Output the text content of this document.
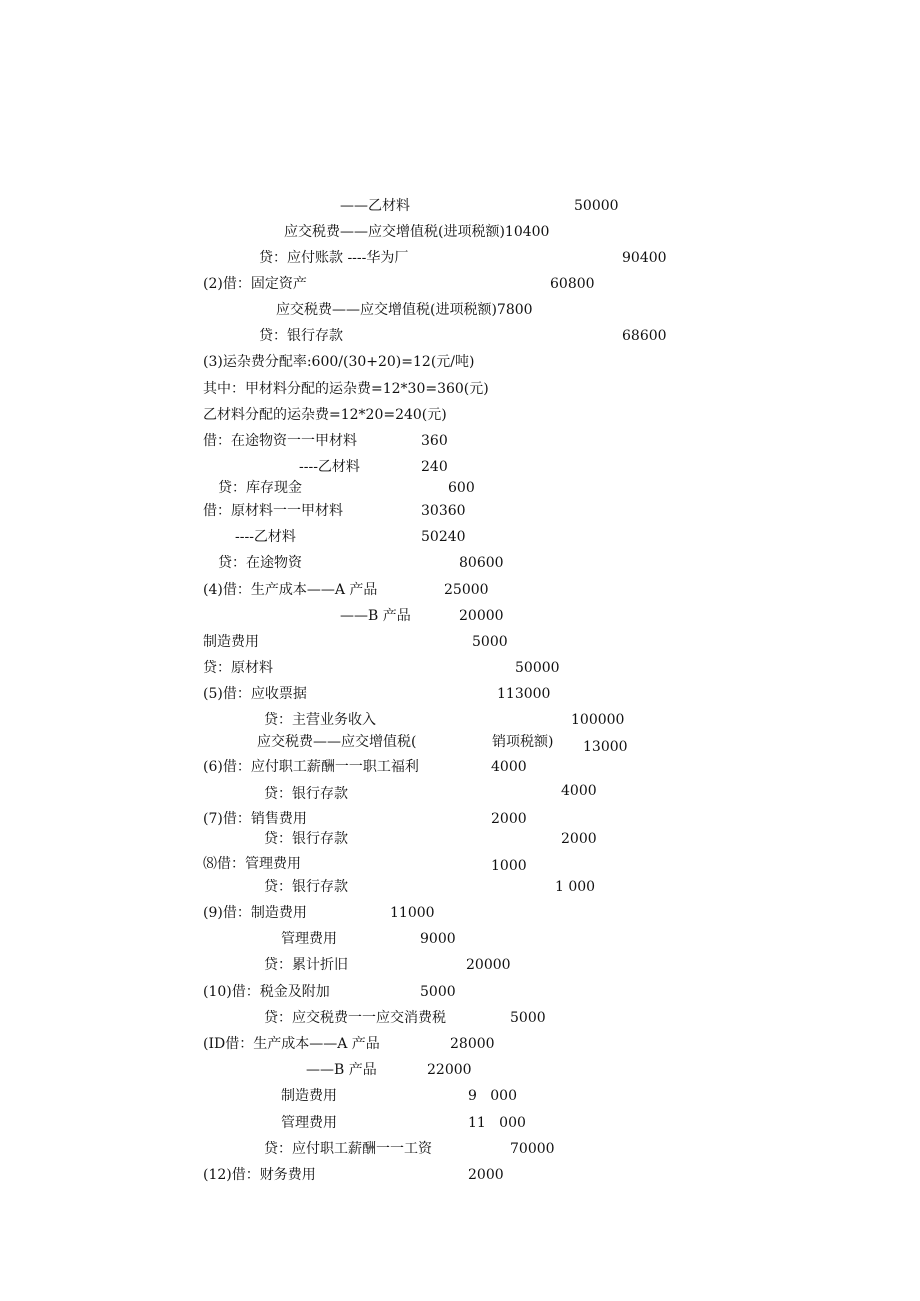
——乙材料	50000
应交税费——应交增值税(进项税额)10400
贷：应付账款 ----华为厂	90400
(2)借：固定资产	60800
应交税费——应交增值税(进项税额)7800
贷：银行存款	68600
(3)运杂费分配率:600/(30+20)=12(元/吨)
其中：甲材料分配的运杂费=12*30=360(元)
乙材料分配的运杂费=12*20=240(元)
借：在途物资一一甲材料	360
----乙材料	240
贷：库存现金	600
借：原材料一一甲材料	30360
----乙材料	50240
贷：在途物资	80600
(4)借：生产成本——A 产品	25000
——B 产品	20000
制造费用	5000
贷：原材料	50000
(5)借：应收票据	113000
贷：主营业务收入	100000
应交税费——应交增值税(	销项税额) 13000
(6)借：应付职工薪酬一一职工福利	4000
贷：银行存款	4000
(7)借：销售费用	2000
贷：银行存款	2000
⑻借：管理费用	1000
贷：银行存款	1 000
(9)借：制造费用	11000
管理费用	9000
贷：累计折旧	20000
(10)借：税金及附加	5000
贷：应交税费一一应交消费税	5000
(ID借：生产成本——A 产品	28000
——B 产品	22000
制造费用	9   000
管理费用	11   000
贷：应付职工薪酬一一工资	70000
(12)借：财务费用	2000
